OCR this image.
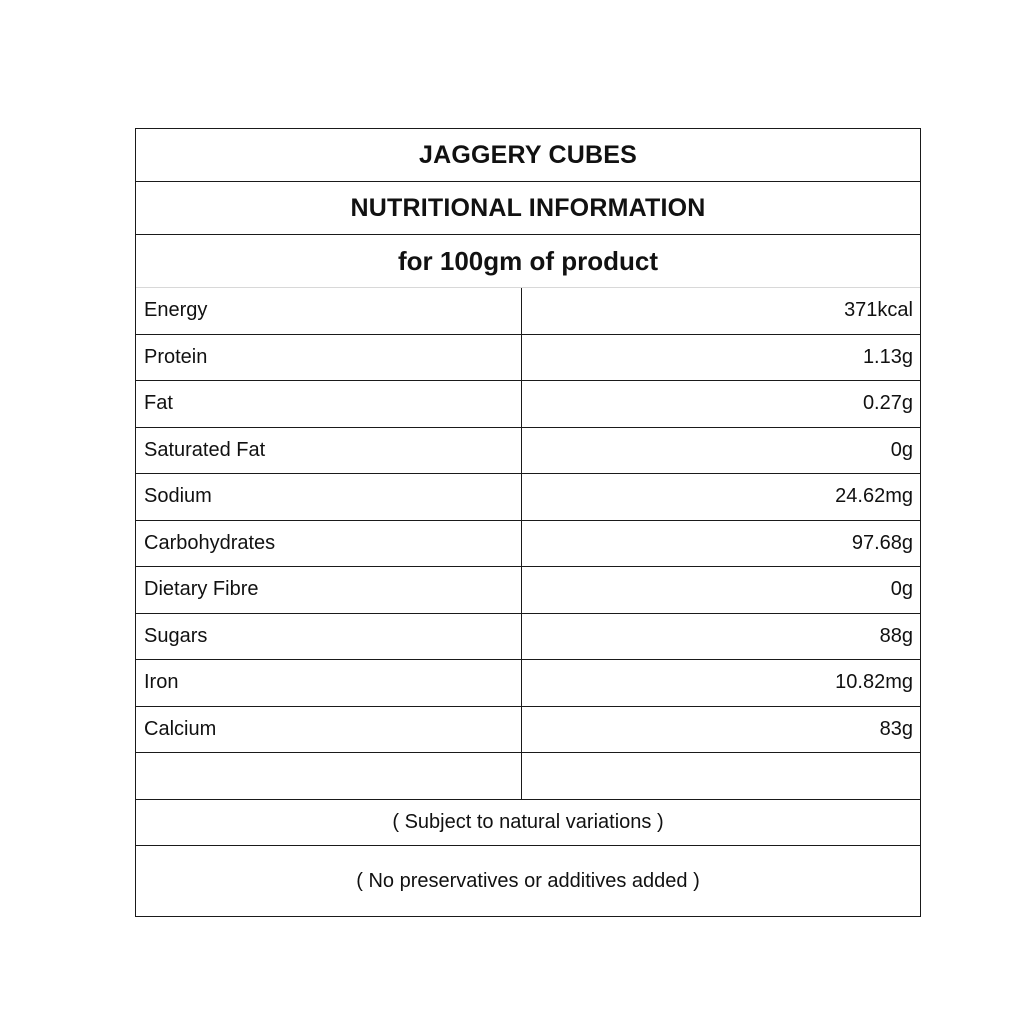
JAGGERY CUBES
NUTRITIONAL INFORMATION
for 100gm of product
Energy	371kcal
Protein	1.13g
Fat	0.27g
Saturated Fat	0g
Sodium	24.62mg
Carbohydrates	97.68g
Dietary Fibre	0g
Sugars	88g
Iron	10.82mg
Calcium	83g
( Subject to natural variations )
( No preservatives or additives added )
